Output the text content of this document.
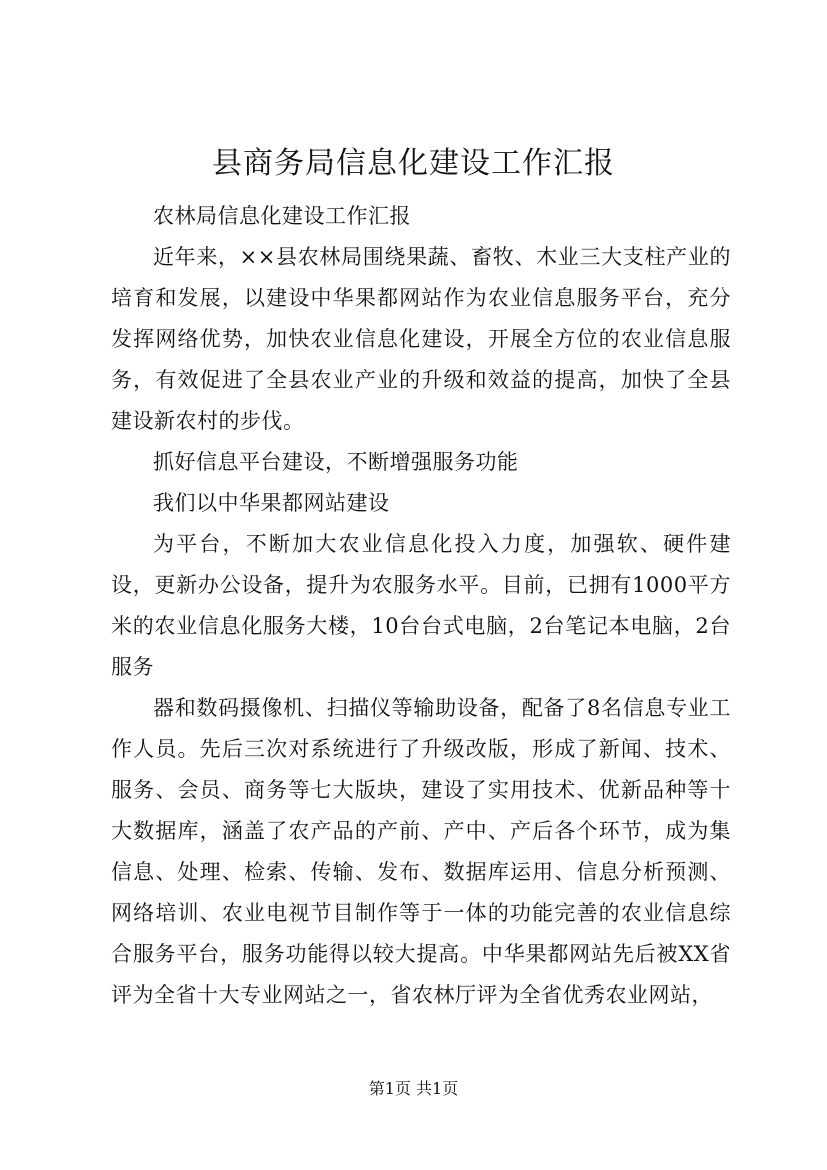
县商务局信息化建设工作汇报

农林局信息化建设工作汇报

近年来，××县农林局围绕果蔬、畜牧、木业三大支柱产业的培育和发展，以建设中华果都网站作为农业信息服务平台，充分发挥网络优势，加快农业信息化建设，开展全方位的农业信息服务，有效促进了全县农业产业的升级和效益的提高，加快了全县建设新农村的步伐。

抓好信息平台建设，不断增强服务功能

我们以中华果都网站建设

为平台，不断加大农业信息化投入力度，加强软、硬件建设，更新办公设备，提升为农服务水平。目前，已拥有1000平方米的农业信息化服务大楼，10台台式电脑，2台笔记本电脑，2台服务

器和数码摄像机、扫描仪等输助设备，配备了8名信息专业工作人员。先后三次对系统进行了升级改版，形成了新闻、技术、服务、会员、商务等七大版块，建设了实用技术、优新品种等十大数据库，涵盖了农产品的产前、产中、产后各个环节，成为集信息、处理、检索、传输、发布、数据库运用、信息分析预测、网络培训、农业电视节目制作等于一体的功能完善的农业信息综合服务平台，服务功能得以较大提高。中华果都网站先后被XX省评为全省十大专业网站之一，省农林厅评为全省优秀农业网站，

第1页 共1页
